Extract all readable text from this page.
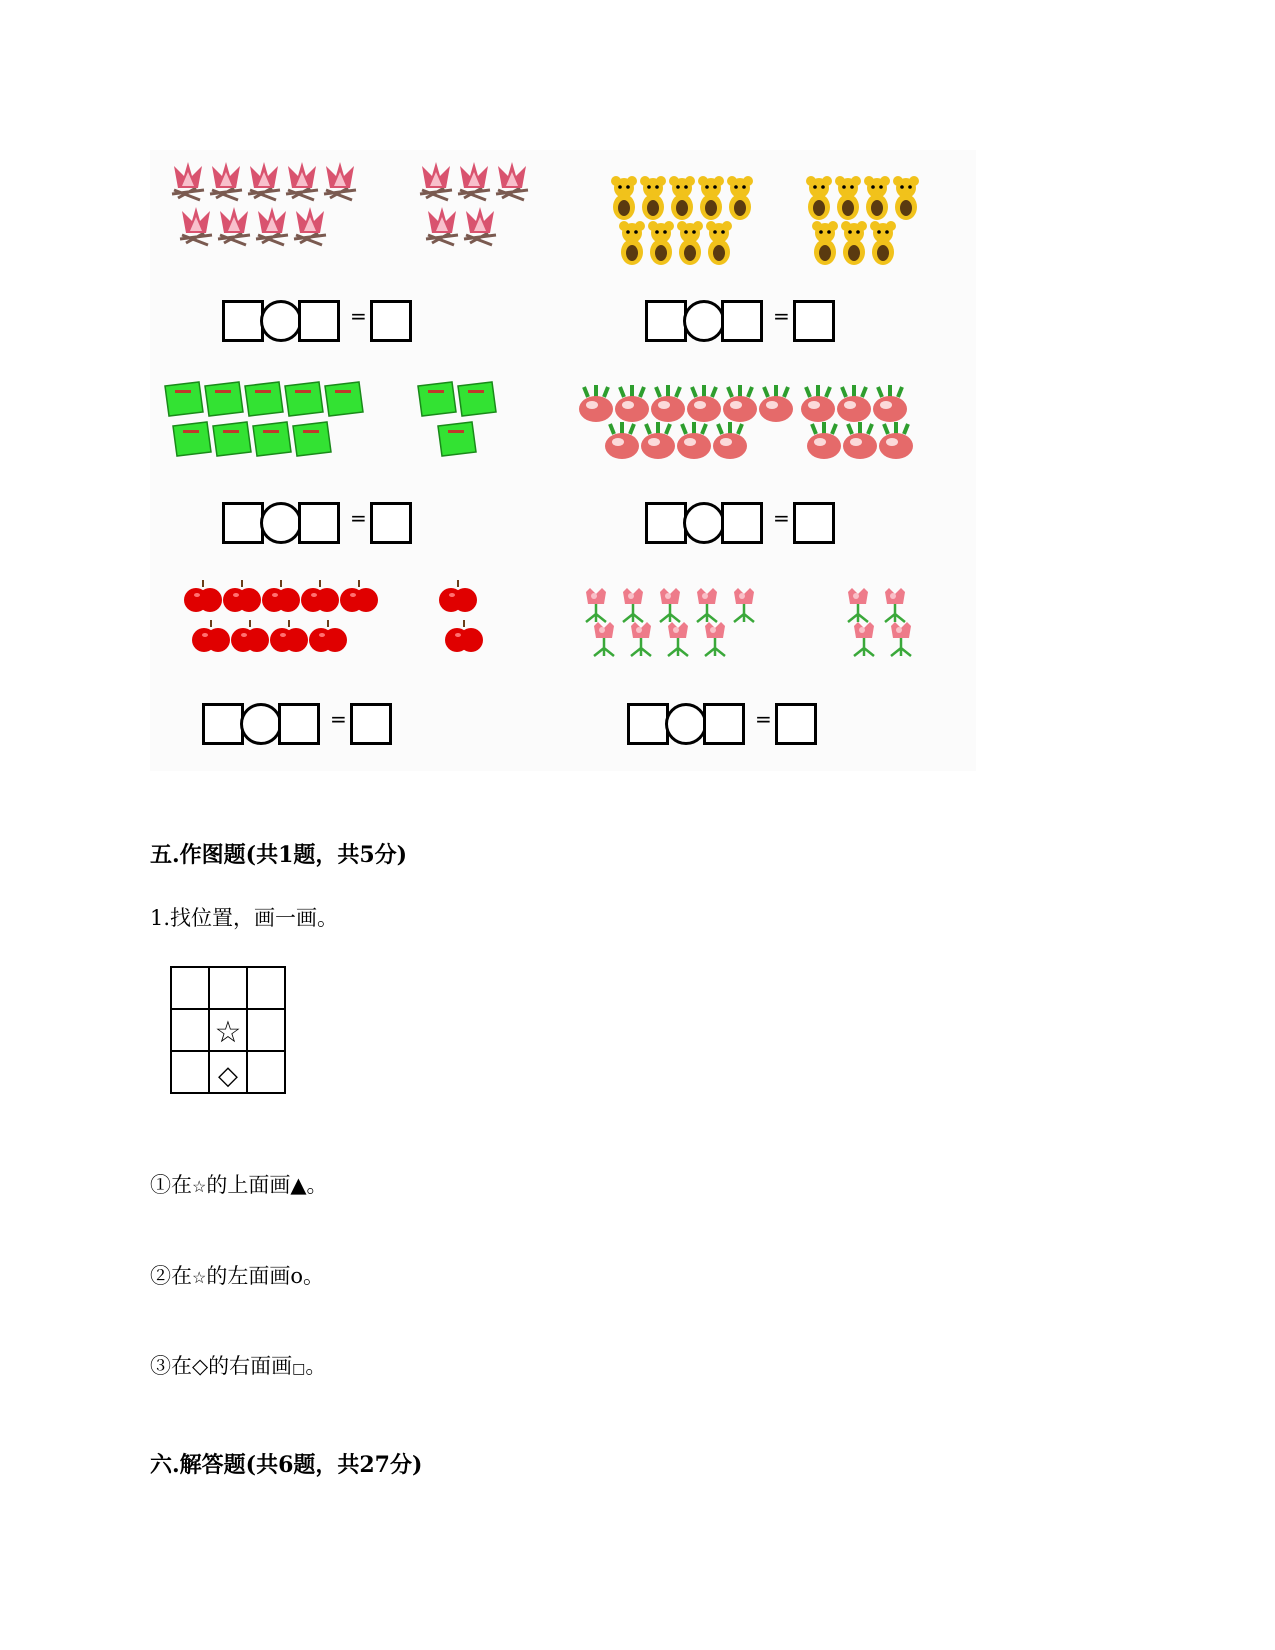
=	=
=	=
=	=
五.作图题(共1题，共5分)
1.找位置，画一画。
☆
◇
①在☆的上面画▲。
②在☆的左面画o。
③在◇的右面画□。
六.解答题(共6题，共27分)
